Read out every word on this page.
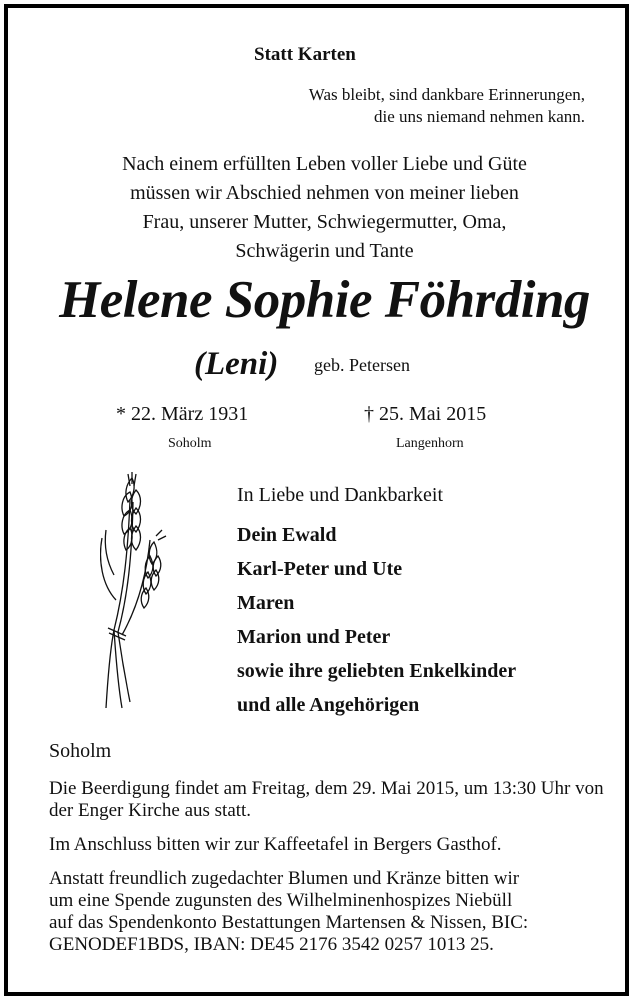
Statt Karten
Was bleibt, sind dankbare Erinnerungen,
die uns niemand nehmen kann.
Nach einem erfüllten Leben voller Liebe und Güte
müssen wir Abschied nehmen von meiner lieben
Frau, unserer Mutter, Schwiegermutter, Oma,
Schwägerin und Tante
Helene Sophie Föhrding
(Leni) geb. Petersen
* 22. März 1931	† 25. Mai 2015
Soholm	Langenhorn
In Liebe und Dankbarkeit
Dein Ewald
Karl-Peter und Ute
Maren
Marion und Peter
sowie ihre geliebten Enkelkinder
und alle Angehörigen
Soholm
Die Beerdigung findet am Freitag, dem 29. Mai 2015, um 13:30 Uhr von der Enger Kirche aus statt.
Im Anschluss bitten wir zur Kaffeetafel in Bergers Gasthof.
Anstatt freundlich zugedachter Blumen und Kränze bitten wir
um eine Spende zugunsten des Wilhelminenhospizes Niebüll
auf das Spendenkonto Bestattungen Martensen & Nissen, BIC:
GENODEF1BDS, IBAN: DE45 2176 3542 0257 1013 25.
